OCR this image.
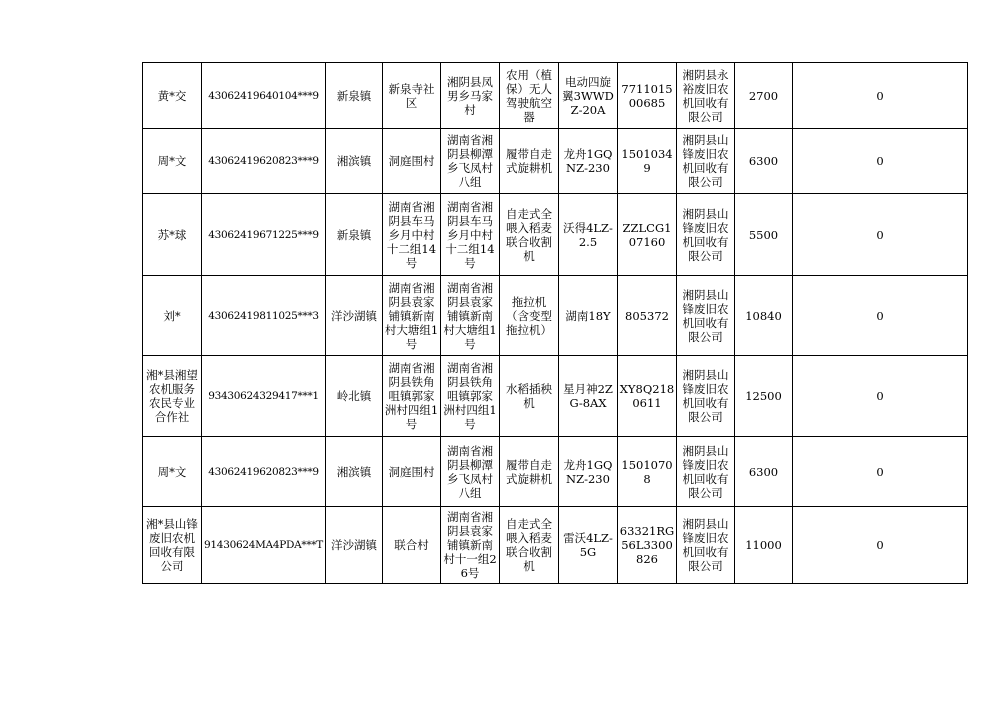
黄*交	43062419640104***9	新泉镇	新泉寺社区	湘阴县凤男乡马家村	农用（植保）无人驾驶航空器	电动四旋翼3WWDZ-20A	771101500685	湘阴县永裕废旧农机回收有限公司	2700	0
周*文	43062419620823***9	湘滨镇	洞庭围村	湖南省湘阴县柳潭乡飞凤村八组	履带自走式旋耕机	龙舟1GQNZ-230	15010349	湘阴县山锋废旧农机回收有限公司	6300	0
苏*球	43062419671225***9	新泉镇	湖南省湘阴县车马乡月中村十二组14号	湖南省湘阴县车马乡月中村十二组14号	自走式全喂入稻麦联合收割机	沃得4LZ-2.5	ZZLCG107160	湘阴县山锋废旧农机回收有限公司	5500	0
刘*	43062419811025***3	洋沙湖镇	湖南省湘阴县袁家铺镇新南村大塘组1号	湖南省湘阴县袁家铺镇新南村大塘组1号	拖拉机（含变型拖拉机）	湖南18Y	805372	湘阴县山锋废旧农机回收有限公司	10840	0
湘*县湘望农机服务农民专业合作社	93430624329417***1	岭北镇	湖南省湘阴县铁角咀镇郭家洲村四组1号	湖南省湘阴县铁角咀镇郭家洲村四组1号	水稻插秧机	星月神2ZG-8AX	XY8Q2180611	湘阴县山锋废旧农机回收有限公司	12500	0
周*文	43062419620823***9	湘滨镇	洞庭围村	湖南省湘阴县柳潭乡飞凤村八组	履带自走式旋耕机	龙舟1GQNZ-230	15010708	湘阴县山锋废旧农机回收有限公司	6300	0
湘*县山锋废旧农机回收有限公司	91430624MA4PDA***T	洋沙湖镇	联合村	湖南省湘阴县袁家铺镇新南村十一组26号	自走式全喂入稻麦联合收割机	雷沃4LZ-5G	63321RG56L3300826	湘阴县山锋废旧农机回收有限公司	11000	0
